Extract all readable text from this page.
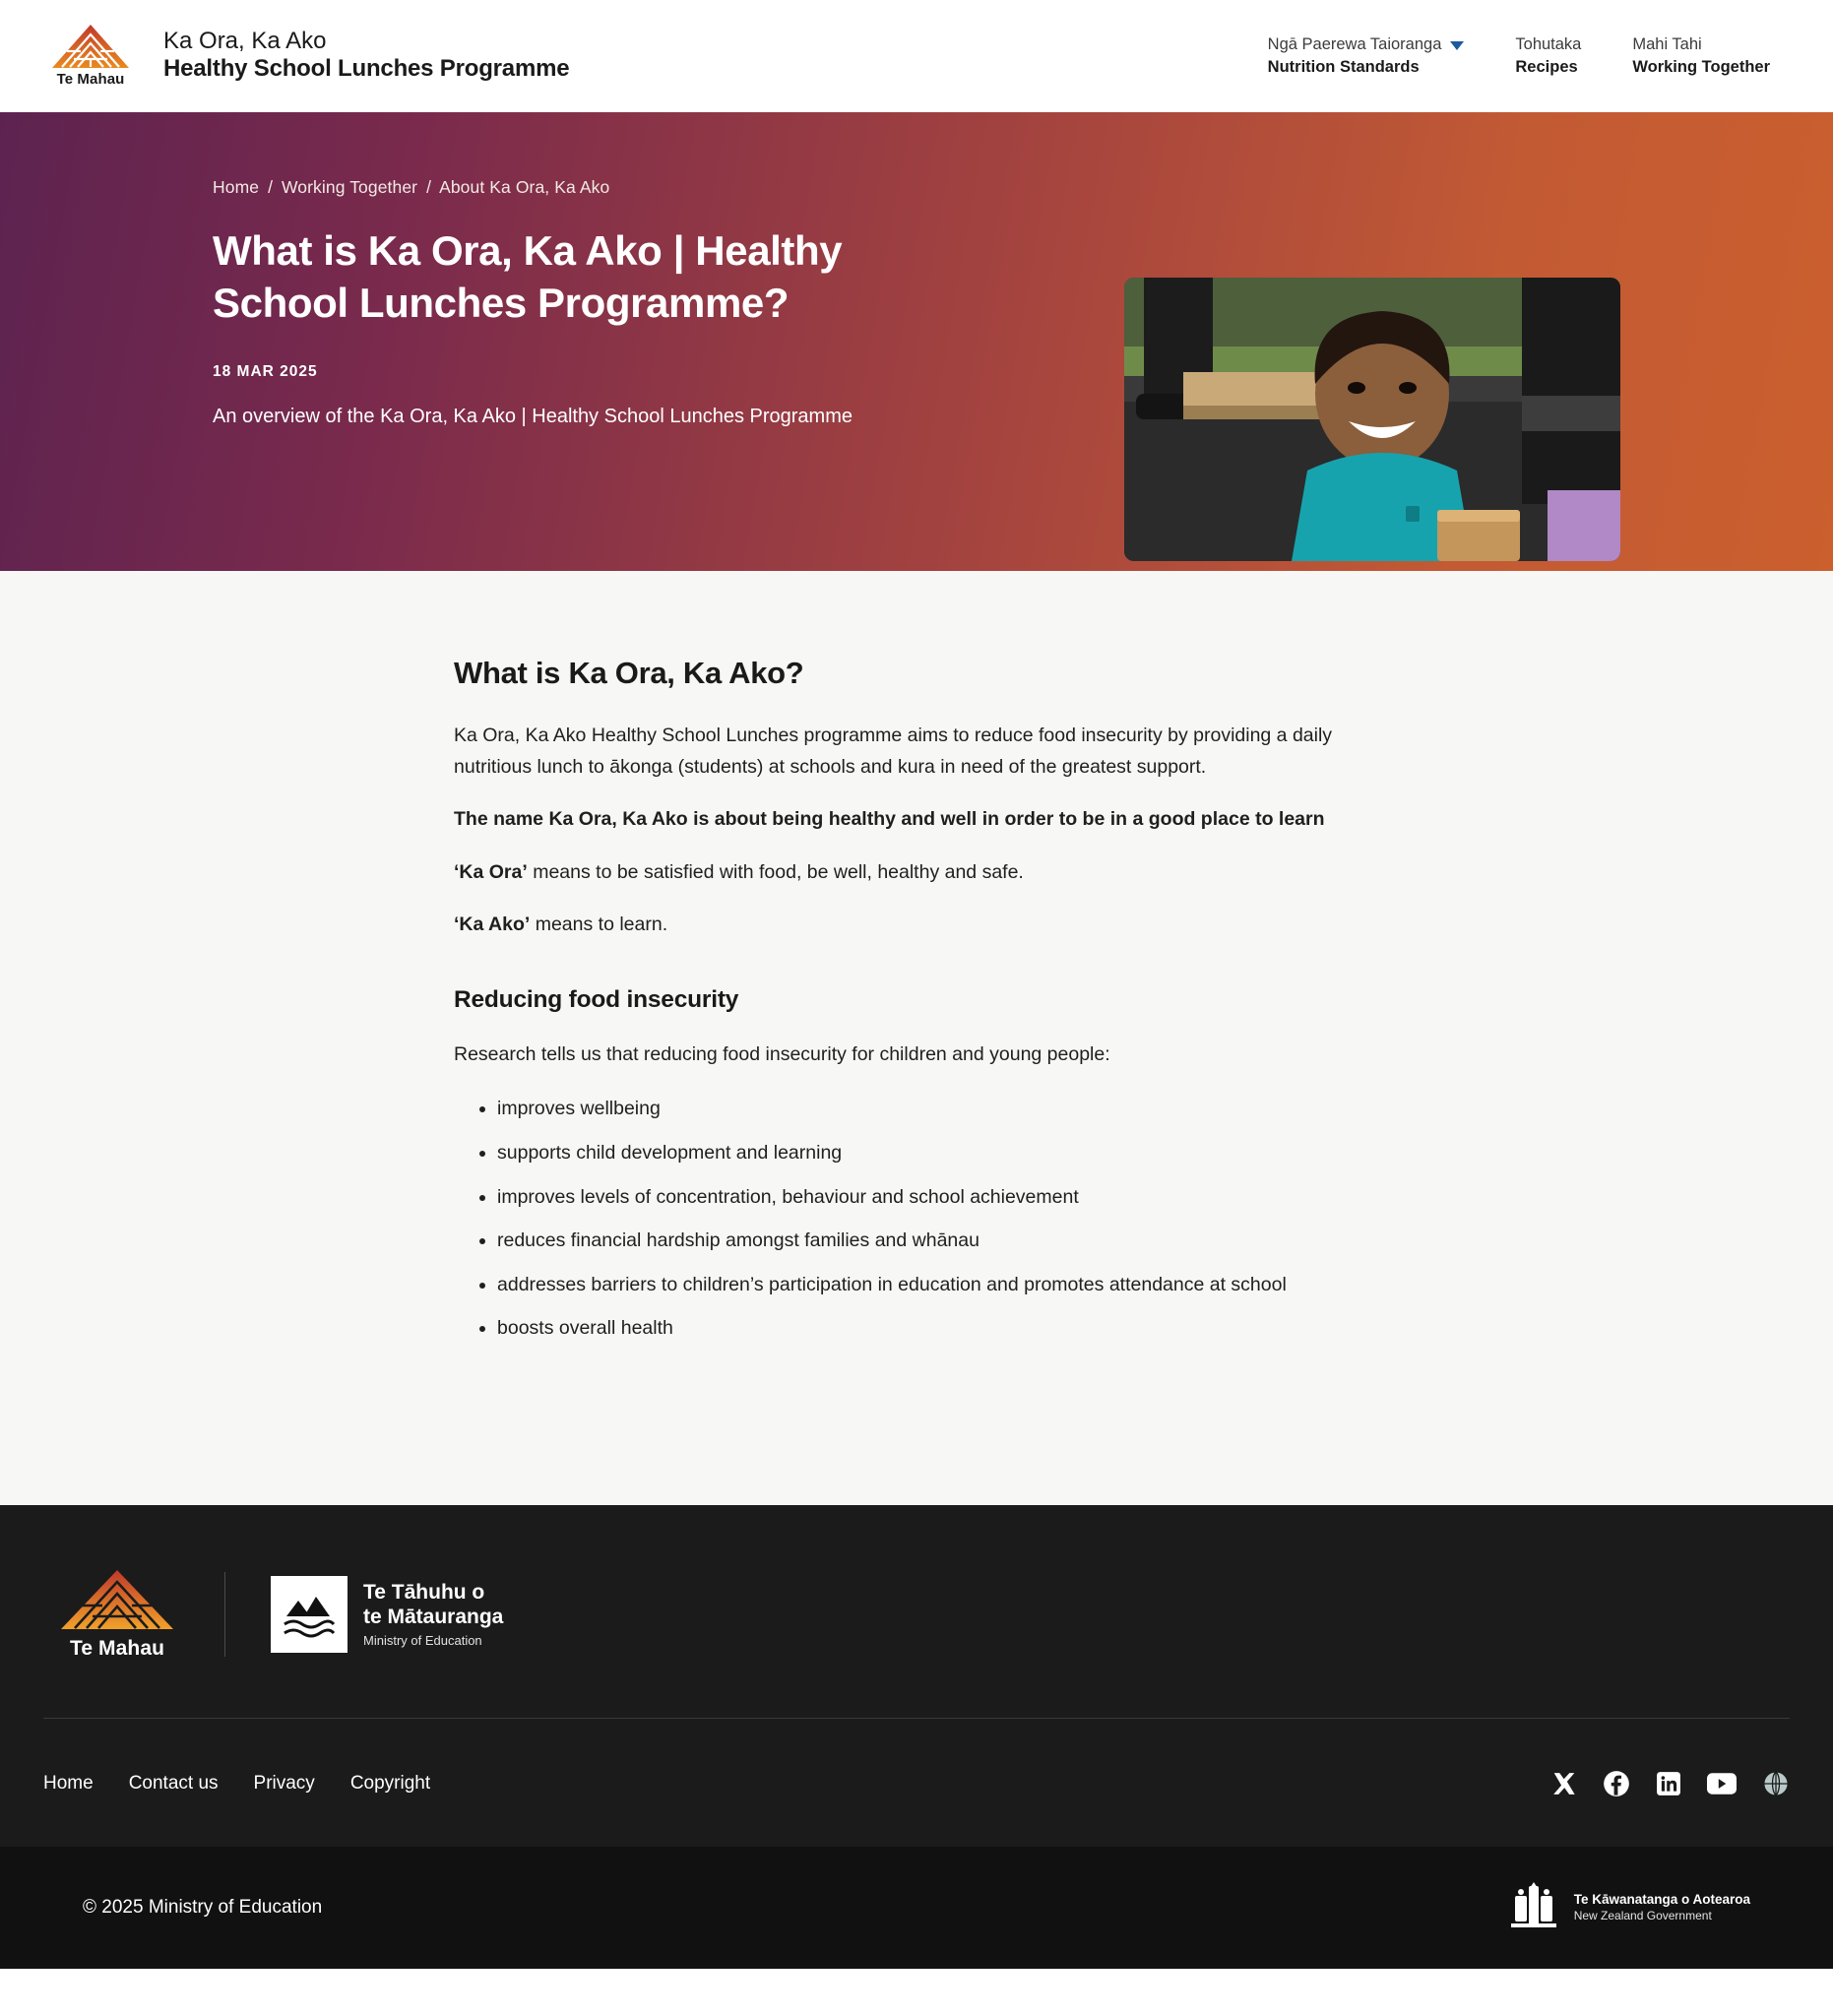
Te Mahau
Ka Ora, Ka Ako
Healthy School Lunches Programme
Ngā Paerewa Taioranga
Nutrition Standards
Tohutaka
Recipes
Mahi Tahi
Working Together
Home / Working Together / About Ka Ora, Ka Ako
What is Ka Ora, Ka Ako | Healthy School Lunches Programme?
18 MAR 2025
An overview of the Ka Ora, Ka Ako | Healthy School Lunches Programme
What is Ka Ora, Ka Ako?

Ka Ora, Ka Ako Healthy School Lunches programme aims to reduce food insecurity by providing a daily nutritious lunch to ākonga (students) at schools and kura in need of the greatest support.

The name Ka Ora, Ka Ako is about being healthy and well in order to be in a good place to learn

‘Ka Ora’ means to be satisfied with food, be well, healthy and safe.

‘Ka Ako’ means to learn.

Reducing food insecurity

Research tells us that reducing food insecurity for children and young people:

• improves wellbeing
• supports child development and learning
• improves levels of concentration, behaviour and school achievement
• reduces financial hardship amongst families and whānau
• addresses barriers to children’s participation in education and promotes attendance at school
• boosts overall health
Te Mahau
Te Tāhuhu o
te Mātauranga
Ministry of Education
Home Contact us Privacy Copyright
© 2025 Ministry of Education	Te Kāwanatanga o Aotearoa
New Zealand Government
